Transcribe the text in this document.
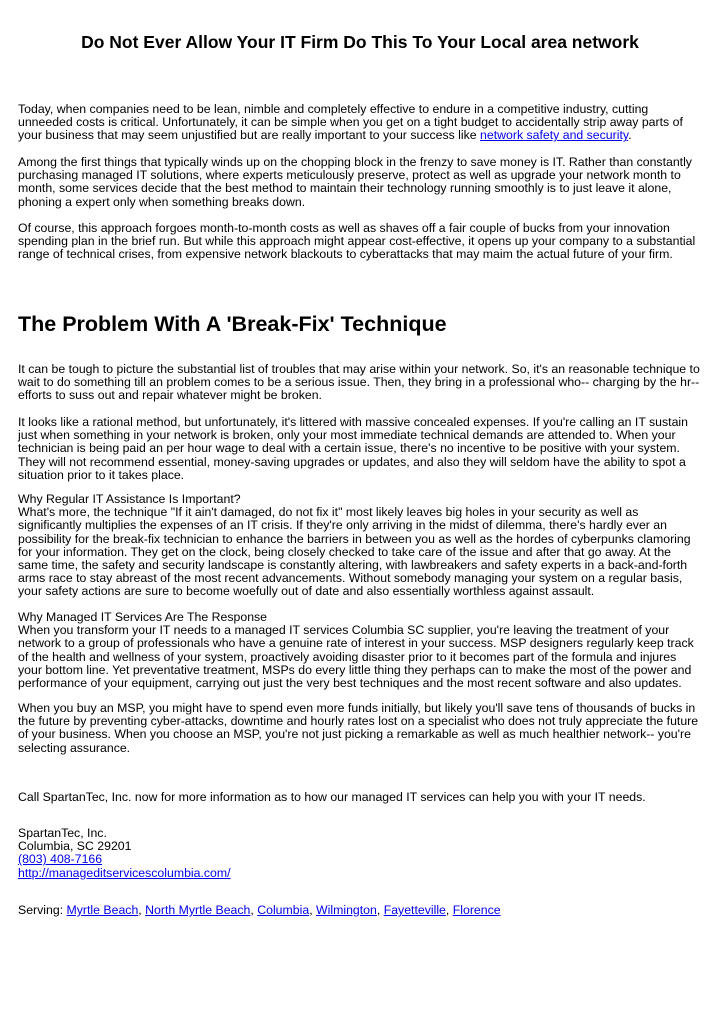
Do Not Ever Allow Your IT Firm Do This To Your Local area network
Today, when companies need to be lean, nimble and completely effective to endure in a competitive industry, cutting unneeded costs is critical. Unfortunately, it can be simple when you get on a tight budget to accidentally strip away parts of your business that may seem unjustified but are really important to your success like network safety and security.

Among the first things that typically winds up on the chopping block in the frenzy to save money is IT. Rather than constantly purchasing managed IT solutions, where experts meticulously preserve, protect as well as upgrade your network month to month, some services decide that the best method to maintain their technology running smoothly is to just leave it alone, phoning a expert only when something breaks down.

Of course, this approach forgoes month-to-month costs as well as shaves off a fair couple of bucks from your innovation spending plan in the brief run. But while this approach might appear cost-effective, it opens up your company to a substantial range of technical crises, from expensive network blackouts to cyberattacks that may maim the actual future of your firm.

The Problem With A 'Break-Fix' Technique

It can be tough to picture the substantial list of troubles that may arise within your network. So, it's an reasonable technique to wait to do something till an problem comes to be a serious issue. Then, they bring in a professional who-- charging by the hr-- efforts to suss out and repair whatever might be broken.

It looks like a rational method, but unfortunately, it's littered with massive concealed expenses. If you're calling an IT sustain just when something in your network is broken, only your most immediate technical demands are attended to. When your technician is being paid an per hour wage to deal with a certain issue, there's no incentive to be positive with your system. They will not recommend essential, money-saving upgrades or updates, and also they will seldom have the ability to spot a situation prior to it takes place.

Why Regular IT Assistance Is Important?

What's more, the technique "If it ain't damaged, do not fix it" most likely leaves big holes in your security as well as significantly multiplies the expenses of an IT crisis. If they're only arriving in the midst of dilemma, there's hardly ever an possibility for the break-fix technician to enhance the barriers in between you as well as the hordes of cyberpunks clamoring for your information. They get on the clock, being closely checked to take care of the issue and after that go away. At the same time, the safety and security landscape is constantly altering, with lawbreakers and safety experts in a back-and-forth arms race to stay abreast of the most recent advancements. Without somebody managing your system on a regular basis, your safety actions are sure to become woefully out of date and also essentially worthless against assault.

Why Managed IT Services Are The Response

When you transform your IT needs to a managed IT services Columbia SC supplier, you're leaving the treatment of your network to a group of professionals who have a genuine rate of interest in your success. MSP designers regularly keep track of the health and wellness of your system, proactively avoiding disaster prior to it becomes part of the formula and injures your bottom line. Yet preventative treatment, MSPs do every little thing they perhaps can to make the most of the power and performance of your equipment, carrying out just the very best techniques and the most recent software and also updates.

When you buy an MSP, you might have to spend even more funds initially, but likely you'll save tens of thousands of bucks in the future by preventing cyber-attacks, downtime and hourly rates lost on a specialist who does not truly appreciate the future of your business. When you choose an MSP, you're not just picking a remarkable as well as much healthier network-- you're selecting assurance.

Call SpartanTec, Inc. now for more information as to how our managed IT services can help you with your IT needs.

SpartanTec, Inc.

Columbia, SC 29201

(803) 408-7166

http://manageditservicescolumbia.com/

Serving: Myrtle Beach, North Myrtle Beach, Columbia, Wilmington, Fayetteville, Florence
